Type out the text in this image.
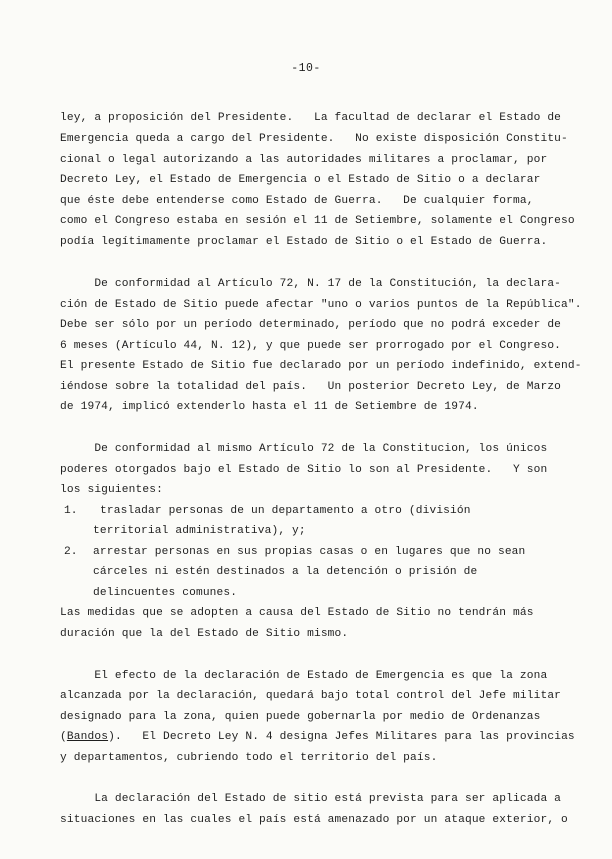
-10-
ley, a proposición del Presidente.   La facultad de declarar el Estado de
Emergencia queda a cargo del Presidente.   No existe disposición Constitu-
cional o legal autorizando a las autoridades militares a proclamar, por
Decreto Ley, el Estado de Emergencia o el Estado de Sitio o a declarar
que éste debe entenderse como Estado de Guerra.   De cualquier forma,
como el Congreso estaba en sesión el 11 de Setiembre, solamente el Congreso
podía legítimamente proclamar el Estado de Sitio o el Estado de Guerra.
De conformidad al Artículo 72, N. 17 de la Constitución, la declara-
ción de Estado de Sitio puede afectar "uno o varios puntos de la República".
Debe ser sólo por un período determinado, período que no podrá exceder de
6 meses (Artículo 44, N. 12), y que puede ser prorrogado por el Congreso.
El presente Estado de Sitio fue declarado por un período indefinido, extend-
iéndose sobre la totalidad del país.   Un posterior Decreto Ley, de Marzo
de 1974, implicó extenderlo hasta el 11 de Setiembre de 1974.
De conformidad al mismo Artículo 72 de la Constitucion, los únicos
poderes otorgados bajo el Estado de Sitio lo son al Presidente.   Y son
los siguientes:
1. trasladar personas de un departamento a otro (división
territorial administrativa), y;
2. arrestar personas en sus propias casas o en lugares que no sean
cárceles ni estén destinados a la detención o prisión de
delincuentes comunes.
Las medidas que se adopten a causa del Estado de Sitio no tendrán más
duración que la del Estado de Sitio mismo.
El efecto de la declaración de Estado de Emergencia es que la zona
alcanzada por la declaración, quedará bajo total control del Jefe militar
designado para la zona, quien puede gobernarla por medio de Ordenanzas
(Bandos).   El Decreto Ley N. 4 designa Jefes Militares para las provincias
y departamentos, cubriendo todo el territorio del país.
La declaración del Estado de sitio está prevista para ser aplicada a
situaciones en las cuales el país está amenazado por un ataque exterior, o
